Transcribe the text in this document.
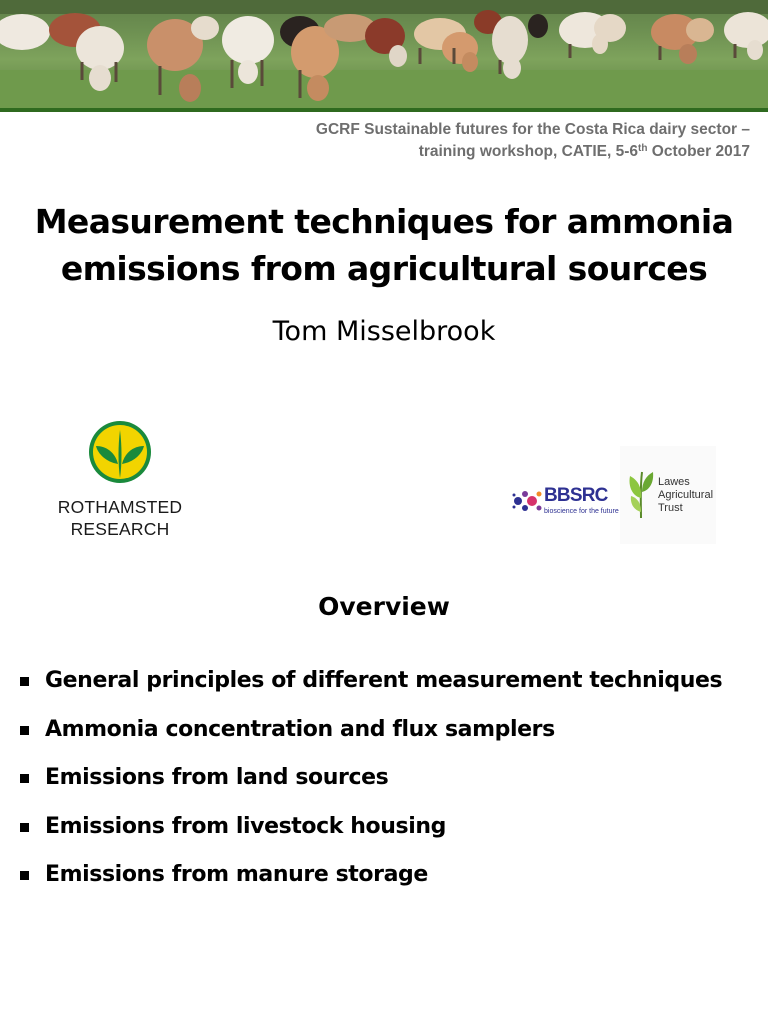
GCRF Sustainable futures for the Costa Rica dairy sector –
training workshop, CATIE, 5-6th October 2017
Measurement techniques for ammonia
emissions from agricultural sources
Tom Misselbrook
ROTHAMSTED
RESEARCH
BBSRC
bioscience for the future
Lawes
Agricultural
Trust
Overview
General principles of different measurement techniques
Ammonia concentration and flux samplers
Emissions from land sources
Emissions from livestock housing
Emissions from manure storage
